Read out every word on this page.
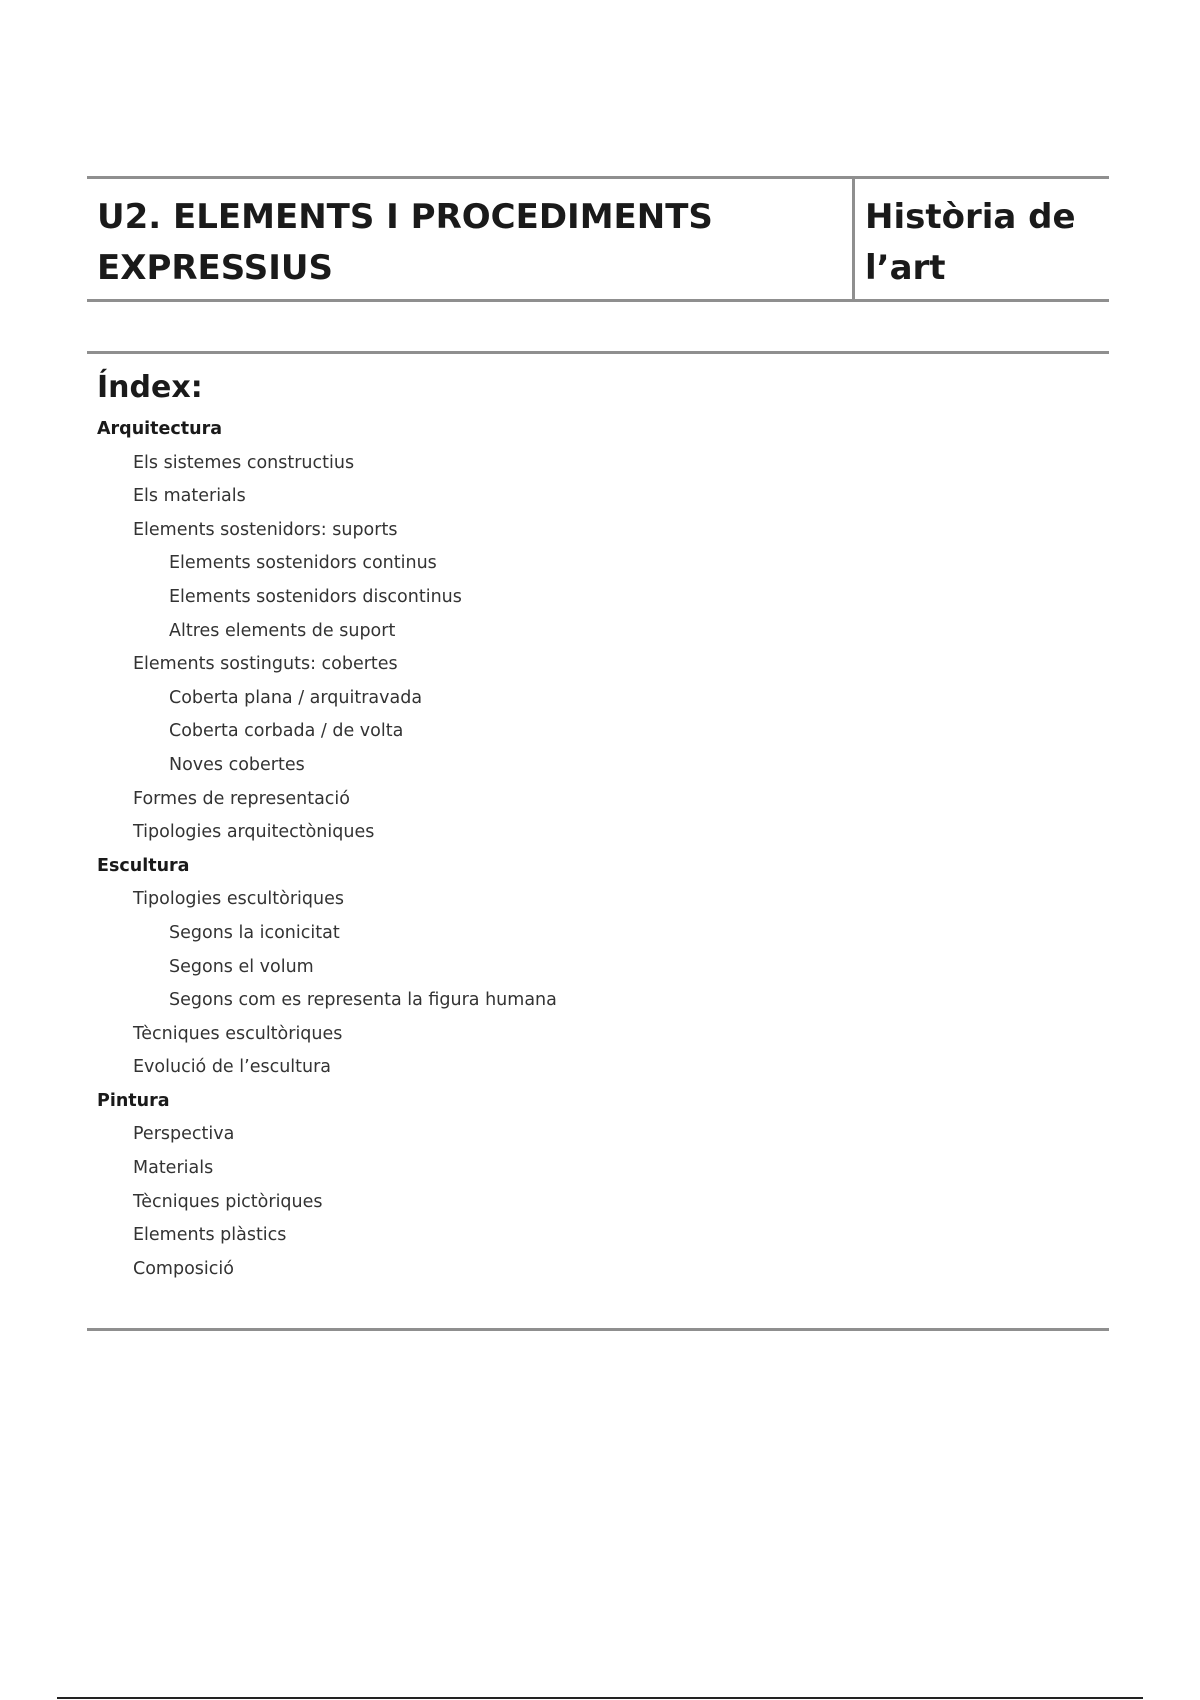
U2. ELEMENTS I PROCEDIMENTS
EXPRESSIUS
Història de
l’art
Índex:
Arquitectura
Els sistemes constructius
Els materials
Elements sostenidors: suports
Elements sostenidors continus
Elements sostenidors discontinus
Altres elements de suport
Elements sostinguts: cobertes
Coberta plana / arquitravada
Coberta corbada / de volta
Noves cobertes
Formes de representació
Tipologies arquitectòniques
Escultura
Tipologies escultòriques
Segons la iconicitat
Segons el volum
Segons com es representa la figura humana
Tècniques escultòriques
Evolució de l’escultura
Pintura
Perspectiva
Materials
Tècniques pictòriques
Elements plàstics
Composició
